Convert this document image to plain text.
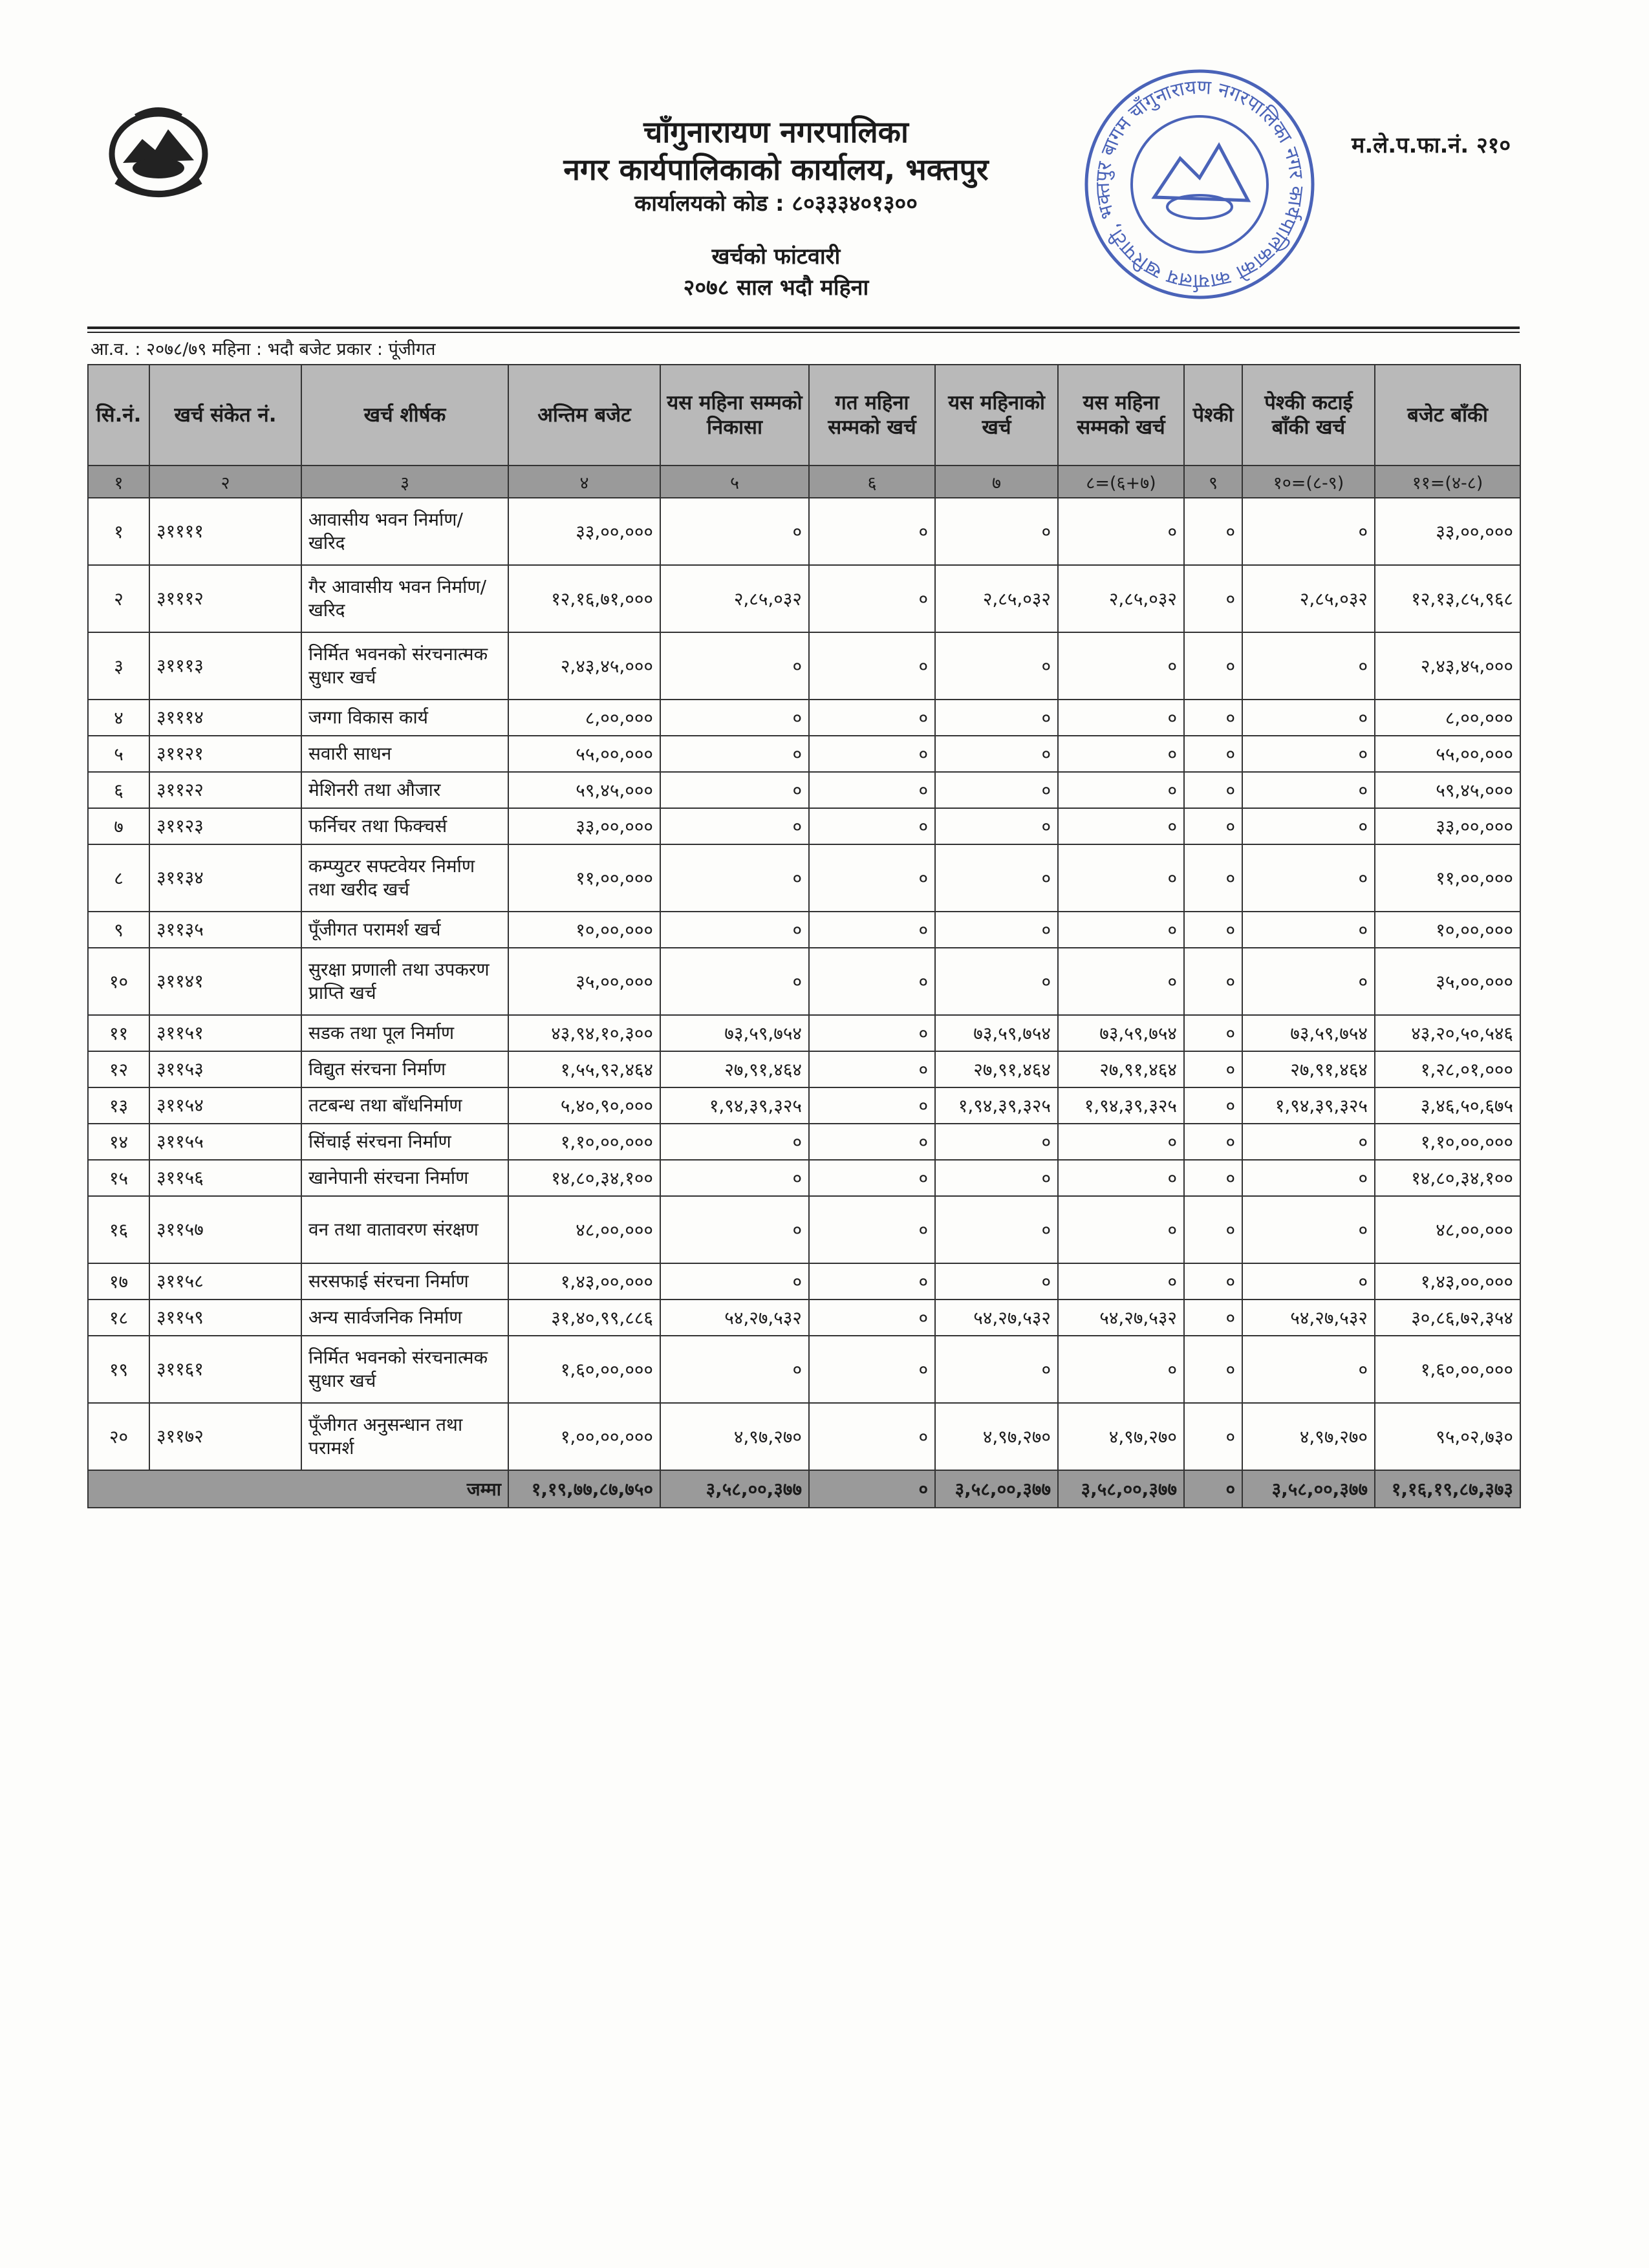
चाँगुनारायण नगरपालिका
नगर कार्यपालिकाको कार्यालय, भक्तपुर
कार्यालयको कोड : ८०३३३४०१३००
खर्चको फांटवारी
२०७८ साल भदौ महिना
चाँगुनारायण नगरपालिका नगर कार्यपालिकाको कार्यालय खरिपाटी, भक्तपुर बागमती
म.ले.प.फा.नं. २१०
आ.व. : २०७८/७९ महिना : भदौ बजेट प्रकार : पूंजीगत
सि.नं.	खर्च संकेत नं.	खर्च शीर्षक	अन्तिम बजेट	यस महिना सम्मको निकासा	गत महिना सम्मको खर्च	यस महिनाको खर्च	यस महिना सम्मको खर्च	पेश्की	पेश्की कटाई बाँकी खर्च	बजेट बाँकी
१	२	३	४	५	६	७	८=(६+७)	९	१०=(८-९)	११=(४-८)
१	३११११	आवासीय भवन निर्माण/ खरिद	३३,००,०००	०	०	०	०	०	०	३३,००,०००
२	३१११२	गैर आवासीय भवन निर्माण/खरिद	१२,१६,७१,०००	२,८५,०३२	०	२,८५,०३२	२,८५,०३२	०	२,८५,०३२	१२,१३,८५,९६८
३	३१११३	निर्मित भवनको संरचनात्मक सुधार खर्च	२,४३,४५,०००	०	०	०	०	०	०	२,४३,४५,०००
४	३१११४	जग्गा विकास कार्य	८,००,०००	०	०	०	०	०	०	८,००,०००
५	३११२१	सवारी साधन	५५,००,०००	०	०	०	०	०	०	५५,००,०००
६	३११२२	मेशिनरी तथा औजार	५९,४५,०००	०	०	०	०	०	०	५९,४५,०००
७	३११२३	फर्निचर तथा फिक्चर्स	३३,००,०००	०	०	०	०	०	०	३३,००,०००
८	३११३४	कम्प्युटर सफ्टवेयर निर्माण तथा खरीद खर्च	११,००,०००	०	०	०	०	०	०	११,००,०००
९	३११३५	पूँजीगत परामर्श खर्च	१०,००,०००	०	०	०	०	०	०	१०,००,०००
१०	३११४१	सुरक्षा प्रणाली तथा उपकरण प्राप्ति खर्च	३५,००,०००	०	०	०	०	०	०	३५,००,०००
११	३११५१	सडक तथा पूल निर्माण	४३,९४,१०,३००	७३,५९,७५४	०	७३,५९,७५४	७३,५९,७५४	०	७३,५९,७५४	४३,२०,५०,५४६
१२	३११५३	विद्युत संरचना निर्माण	१,५५,९२,४६४	२७,९१,४६४	०	२७,९१,४६४	२७,९१,४६४	०	२७,९१,४६४	१,२८,०१,०००
१३	३११५४	तटबन्ध तथा बाँधनिर्माण	५,४०,९०,०००	१,९४,३९,३२५	०	१,९४,३९,३२५	१,९४,३९,३२५	०	१,९४,३९,३२५	३,४६,५०,६७५
१४	३११५५	सिंचाई संरचना निर्माण	१,१०,००,०००	०	०	०	०	०	०	१,१०,००,०००
१५	३११५६	खानेपानी संरचना निर्माण	१४,८०,३४,१००	०	०	०	०	०	०	१४,८०,३४,१००
१६	३११५७	वन तथा वातावरण संरक्षण	४८,००,०००	०	०	०	०	०	०	४८,००,०००
१७	३११५८	सरसफाई संरचना निर्माण	१,४३,००,०००	०	०	०	०	०	०	१,४३,००,०००
१८	३११५९	अन्य सार्वजनिक निर्माण	३१,४०,९९,८८६	५४,२७,५३२	०	५४,२७,५३२	५४,२७,५३२	०	५४,२७,५३२	३०,८६,७२,३५४
१९	३११६१	निर्मित भवनको संरचनात्मक सुधार खर्च	१,६०,००,०००	०	०	०	०	०	०	१,६०,००,०००
२०	३११७२	पूँजीगत अनुसन्धान तथा परामर्श	१,००,००,०००	४,९७,२७०	०	४,९७,२७०	४,९७,२७०	०	४,९७,२७०	९५,०२,७३०
जम्मा			१,१९,७७,८७,७५०	३,५८,००,३७७	०	३,५८,००,३७७	३,५८,००,३७७	०	३,५८,००,३७७	१,१६,१९,८७,३७३
